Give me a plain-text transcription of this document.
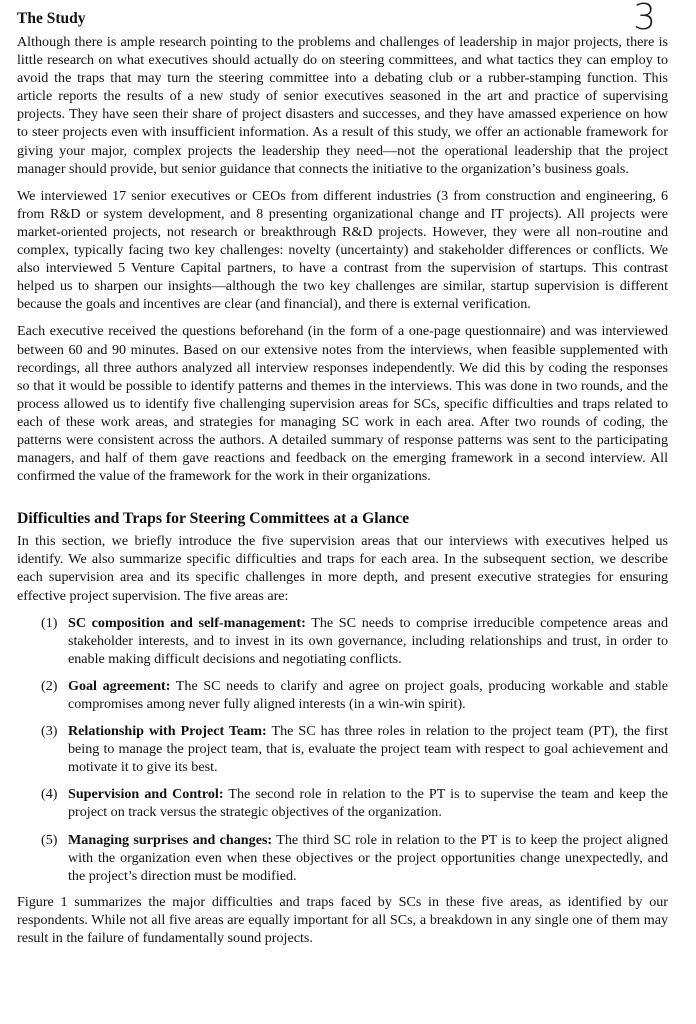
3
The Study

Although there is ample research pointing to the problems and challenges of leadership in major projects, there is little research on what executives should actually do on steering committees, and what tactics they can employ to avoid the traps that may turn the steering committee into a debating club or a rubber-stamping function. This article reports the results of a new study of senior executives seasoned in the art and practice of supervising projects. They have seen their share of project disasters and successes, and they have amassed experience on how to steer projects even with insufficient information. As a result of this study, we offer an actionable framework for giving your major, complex projects the leadership they need—not the operational leadership that the project manager should provide, but senior guidance that connects the initiative to the organization’s business goals.

We interviewed 17 senior executives or CEOs from different industries (3 from construction and engineering, 6 from R&D or system development, and 8 presenting organizational change and IT projects). All projects were market-oriented projects, not research or breakthrough R&D projects. However, they were all non-routine and complex, typically facing two key challenges: novelty (uncertainty) and stakeholder differences or conflicts. We also interviewed 5 Venture Capital partners, to have a contrast from the supervision of startups. This contrast helped us to sharpen our insights—although the two key challenges are similar, startup supervision is different because the goals and incentives are clear (and financial), and there is external verification.

Each executive received the questions beforehand (in the form of a one-page questionnaire) and was interviewed between 60 and 90 minutes. Based on our extensive notes from the interviews, when feasible supplemented with recordings, all three authors analyzed all interview responses independently. We did this by coding the responses so that it would be possible to identify patterns and themes in the interviews. This was done in two rounds, and the process allowed us to identify five challenging supervision areas for SCs, specific difficulties and traps related to each of these work areas, and strategies for managing SC work in each area. After two rounds of coding, the patterns were consistent across the authors. A detailed summary of response patterns was sent to the participating managers, and half of them gave reactions and feedback on the emerging framework in a second interview. All confirmed the value of the framework for the work in their organizations.

Difficulties and Traps for Steering Committees at a Glance

In this section, we briefly introduce the five supervision areas that our interviews with executives helped us identify. We also summarize specific difficulties and traps for each area. In the subsequent section, we describe each supervision area and its specific challenges in more depth, and present executive strategies for ensuring effective project supervision. The five areas are:

(1) SC composition and self-management: The SC needs to comprise irreducible competence areas and stakeholder interests, and to invest in its own governance, including relationships and trust, in order to enable making difficult decisions and negotiating conflicts.
(2) Goal agreement: The SC needs to clarify and agree on project goals, producing workable and stable compromises among never fully aligned interests (in a win-win spirit).
(3) Relationship with Project Team: The SC has three roles in relation to the project team (PT), the first being to manage the project team, that is, evaluate the project team with respect to goal achievement and motivate it to give its best.
(4) Supervision and Control: The second role in relation to the PT is to supervise the team and keep the project on track versus the strategic objectives of the organization.
(5) Managing surprises and changes: The third SC role in relation to the PT is to keep the project aligned with the organization even when these objectives or the project opportunities change unexpectedly, and the project’s direction must be modified.

Figure 1 summarizes the major difficulties and traps faced by SCs in these five areas, as identified by our respondents. While not all five areas are equally important for all SCs, a breakdown in any single one of them may result in the failure of fundamentally sound projects.
